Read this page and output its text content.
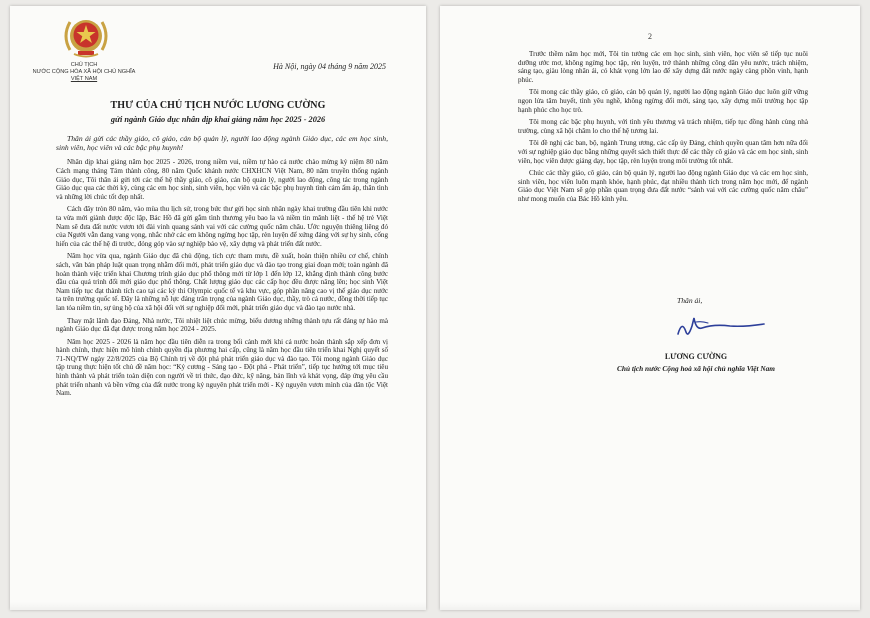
CHỦ TỊCH
NƯỚC CỘNG HÒA XÃ HỘI CHỦ NGHĨA
VIỆT NAM
Hà Nội, ngày 04 tháng 9 năm 2025
THƯ CỦA CHỦ TỊCH NƯỚC LƯƠNG CƯỜNG
gửi ngành Giáo dục nhân dịp khai giảng năm học 2025 - 2026

Thân ái gửi các thầy giáo, cô giáo, cán bộ quản lý, người lao động ngành Giáo dục, các em học sinh, sinh viên, học viên và các bậc phụ huynh!

Nhân dịp khai giảng năm học 2025 - 2026, trong niềm vui, niềm tự hào cả nước chào mừng kỷ niệm 80 năm Cách mạng tháng Tám thành công, 80 năm Quốc khánh nước CHXHCN Việt Nam, 80 năm truyền thống ngành Giáo dục, Tôi thân ái gửi tới các thế hệ thầy giáo, cô giáo, cán bộ quản lý, người lao động, công tác trong ngành Giáo dục qua các thời kỳ, cùng các em học sinh, sinh viên, học viên và các bậc phụ huynh tình cảm ấm áp, thân tình và những lời chúc tốt đẹp nhất.

Cách đây tròn 80 năm, vào mùa thu lịch sử, trong bức thư gửi học sinh nhân ngày khai trường đầu tiên khi nước ta vừa mới giành được độc lập, Bác Hồ đã gửi gắm tình thương yêu bao la và niềm tin mãnh liệt - thế hệ trẻ Việt Nam sẽ đưa đất nước vươn tới đài vinh quang sánh vai với các cường quốc năm châu. Ước nguyện thiêng liêng đó của Người vẫn đang vang vọng, nhắc nhở các em không ngừng học tập, rèn luyện để xứng đáng với sự hy sinh, cống hiến của các thế hệ đi trước, đóng góp vào sự nghiệp bảo vệ, xây dựng và phát triển đất nước.

Năm học vừa qua, ngành Giáo dục đã chủ động, tích cực tham mưu, đề xuất, hoàn thiện nhiều cơ chế, chính sách, văn bản pháp luật quan trọng nhằm đổi mới, phát triển giáo dục và đào tạo trong giai đoạn mới; toàn ngành đã hoàn thành việc triển khai Chương trình giáo dục phổ thông mới từ lớp 1 đến lớp 12, khẳng định thành công bước đầu của quá trình đổi mới giáo dục phổ thông. Chất lượng giáo dục các cấp học đều được nâng lên; học sinh Việt Nam tiếp tục đạt thành tích cao tại các kỳ thi Olympic quốc tế và khu vực, góp phần nâng cao vị thế giáo dục nước ta trên trường quốc tế. Đây là những nỗ lực đáng trân trọng của ngành Giáo dục, thầy, trò cả nước, đồng thời tiếp tục lan tỏa niềm tin, sự ủng hộ của xã hội đối với sự nghiệp đổi mới, phát triển giáo dục và đào tạo nước nhà.

Thay mặt lãnh đạo Đảng, Nhà nước, Tôi nhiệt liệt chúc mừng, biểu dương những thành tựu rất đáng tự hào mà ngành Giáo dục đã đạt được trong năm học 2024 - 2025.

Năm học 2025 - 2026 là năm học đầu tiên diễn ra trong bối cảnh mới khi cả nước hoàn thành sắp xếp đơn vị hành chính, thực hiện mô hình chính quyền địa phương hai cấp, cũng là năm học đầu tiên triển khai Nghị quyết số 71-NQ/TW ngày 22/8/2025 của Bộ Chính trị về đột phá phát triển giáo dục và đào tạo. Tôi mong ngành Giáo dục tập trung thực hiện tốt chủ đề năm học: “Kỷ cương - Sáng tạo - Đột phá - Phát triển”, tiếp tục hướng tới mục tiêu hình thành và phát triển toàn diện con người về tri thức, đạo đức, kỹ năng, bản lĩnh và khát vọng, đáp ứng yêu cầu phát triển nhanh và bền vững của đất nước trong kỷ nguyên phát triển mới - Kỷ nguyên vươn mình của dân tộc Việt Nam.

2

Trước thềm năm học mới, Tôi tin tưởng các em học sinh, sinh viên, học viên sẽ tiếp tục nuôi dưỡng ước mơ, không ngừng học tập, rèn luyện, trở thành những công dân yêu nước, trách nhiệm, sáng tạo, giàu lòng nhân ái, có khát vọng lớn lao để xây dựng đất nước ngày càng phồn vinh, hạnh phúc.

Tôi mong các thầy giáo, cô giáo, cán bộ quản lý, người lao động ngành Giáo dục luôn giữ vững ngọn lửa tâm huyết, tình yêu nghề, không ngừng đổi mới, sáng tạo, xây dựng môi trường học tập hạnh phúc cho học trò.

Tôi mong các bậc phụ huynh, với tình yêu thương và trách nhiệm, tiếp tục đồng hành cùng nhà trường, cùng xã hội chăm lo cho thế hệ tương lai.

Tôi đề nghị các ban, bộ, ngành Trung ương, các cấp ủy Đảng, chính quyền quan tâm hơn nữa đối với sự nghiệp giáo dục bằng những quyết sách thiết thực để các thầy cô giáo và các em học sinh, sinh viên, học viên được giảng dạy, học tập, rèn luyện trong môi trường tốt nhất.

Chúc các thầy giáo, cô giáo, cán bộ quản lý, người lao động ngành Giáo dục và các em học sinh, sinh viên, học viên luôn mạnh khỏe, hạnh phúc, đạt nhiều thành tích trong năm học mới, để ngành Giáo dục Việt Nam sẽ góp phần quan trọng đưa đất nước “sánh vai với các cường quốc năm châu” như mong muốn của Bác Hồ kính yêu.

Thân ái,
LƯƠNG CƯỜNG
Chủ tịch nước Cộng hoà xã hội chủ nghĩa Việt Nam
